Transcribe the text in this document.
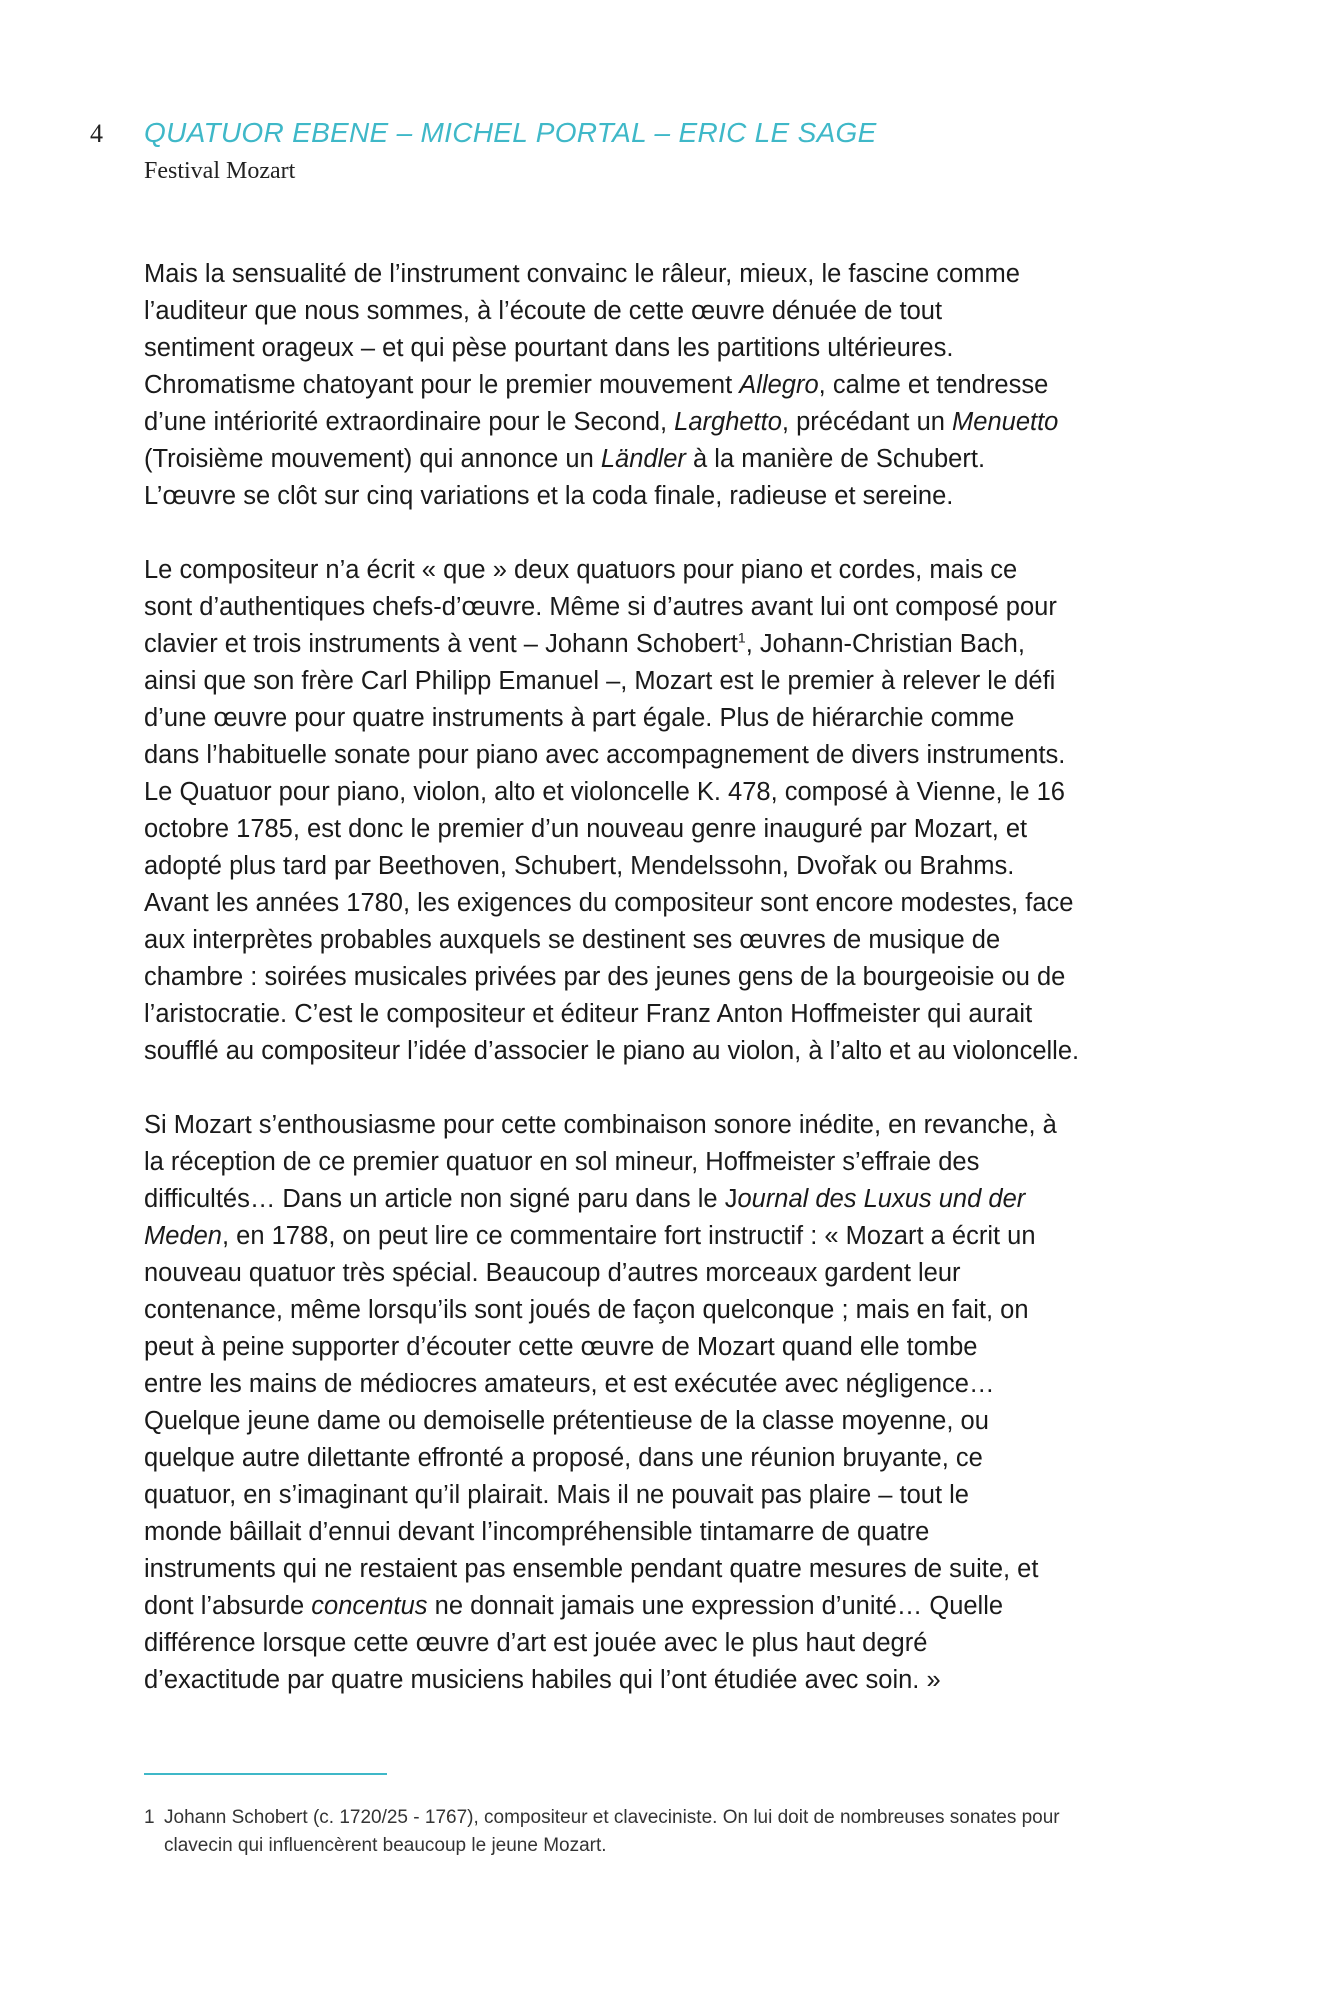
4 QUATUOR EBENE – MICHEL PORTAL – ERIC LE SAGE
Festival Mozart
Mais la sensualité de l’instrument convainc le râleur, mieux, le fascine comme
l’auditeur que nous sommes, à l’écoute de cette œuvre dénuée de tout
sentiment orageux – et qui pèse pourtant dans les partitions ultérieures.
Chromatisme chatoyant pour le premier mouvement Allegro, calme et tendresse
d’une intériorité extraordinaire pour le Second, Larghetto, précédant un Menuetto
(Troisième mouvement) qui annonce un Ländler à la manière de Schubert.
L’œuvre se clôt sur cinq variations et la coda finale, radieuse et sereine.
Le compositeur n’a écrit « que » deux quatuors pour piano et cordes, mais ce
sont d’authentiques chefs-d’œuvre. Même si d’autres avant lui ont composé pour
clavier et trois instruments à vent – Johann Schobert$^1$, Johann-Christian Bach,
ainsi que son frère Carl Philipp Emanuel –, Mozart est le premier à relever le défi
d’une œuvre pour quatre instruments à part égale. Plus de hiérarchie comme
dans l’habituelle sonate pour piano avec accompagnement de divers instruments.
Le Quatuor pour piano, violon, alto et violoncelle K. 478, composé à Vienne, le 16
octobre 1785, est donc le premier d’un nouveau genre inauguré par Mozart, et
adopté plus tard par Beethoven, Schubert, Mendelssohn, Dvořak ou Brahms.
Avant les années 1780, les exigences du compositeur sont encore modestes, face
aux interprètes probables auxquels se destinent ses œuvres de musique de
chambre : soirées musicales privées par des jeunes gens de la bourgeoisie ou de
l’aristocratie. C’est le compositeur et éditeur Franz Anton Hoffmeister qui aurait
soufflé au compositeur l’idée d’associer le piano au violon, à l’alto et au violoncelle.
Si Mozart s’enthousiasme pour cette combinaison sonore inédite, en revanche, à
la réception de ce premier quatuor en sol mineur, Hoffmeister s’effraie des
difficultés… Dans un article non signé paru dans le Journal des Luxus und der
Meden, en 1788, on peut lire ce commentaire fort instructif : « Mozart a écrit un
nouveau quatuor très spécial. Beaucoup d’autres morceaux gardent leur
contenance, même lorsqu’ils sont joués de façon quelconque ; mais en fait, on
peut à peine supporter d’écouter cette œuvre de Mozart quand elle tombe
entre les mains de médiocres amateurs, et est exécutée avec négligence…
Quelque jeune dame ou demoiselle prétentieuse de la classe moyenne, ou
quelque autre dilettante effronté a proposé, dans une réunion bruyante, ce
quatuor, en s’imaginant qu’il plairait. Mais il ne pouvait pas plaire – tout le
monde bâillait d’ennui devant l’incompréhensible tintamarre de quatre
instruments qui ne restaient pas ensemble pendant quatre mesures de suite, et
dont l’absurde concentus ne donnait jamais une expression d’unité… Quelle
différence lorsque cette œuvre d’art est jouée avec le plus haut degré
d’exactitude par quatre musiciens habiles qui l’ont étudiée avec soin. »
1 Johann Schobert (c. 1720/25 - 1767), compositeur et claveciniste. On lui doit de nombreuses sonates pour
clavecin qui influencèrent beaucoup le jeune Mozart.
